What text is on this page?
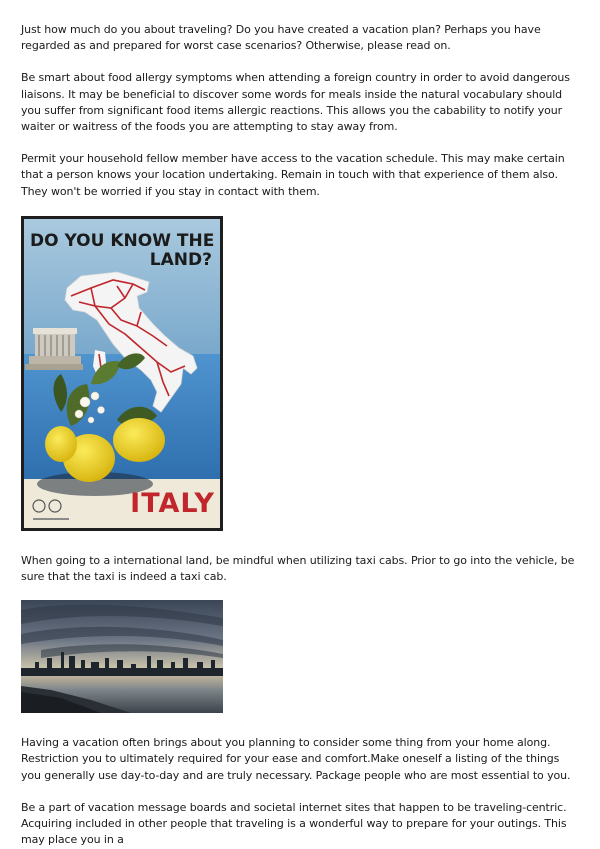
Just how much do you about traveling? Do you have created a vacation plan? Perhaps you have regarded as and prepared for worst case scenarios? Otherwise, please read on.

Be smart about food allergy symptoms when attending a foreign country in order to avoid dangerous liaisons. It may be beneficial to discover some words for meals inside the natural vocabulary should you suffer from significant food items allergic reactions. This allows you the cabability to notify your waiter or waitress of the foods you are attempting to stay away from.

Permit your household fellow member have access to the vacation schedule. This may make certain that a person knows your location undertaking. Remain in touch with that experience of them also. They won't be worried if you stay in contact with them.

DO YOU KNOW THE
LAND?
ITALY

When going to a international land, be mindful when utilizing taxi cabs. Prior to go into the vehicle, be sure that the taxi is indeed a taxi cab.

Having a vacation often brings about you planning to consider some thing from your home along. Restriction you to ultimately required for your ease and comfort.Make oneself a listing of the things you generally use day-to-day and are truly necessary. Package people who are most essential to you.

Be a part of vacation message boards and societal internet sites that happen to be traveling-centric. Acquiring included in other people that traveling is a wonderful way to prepare for your outings. This may place you in a
